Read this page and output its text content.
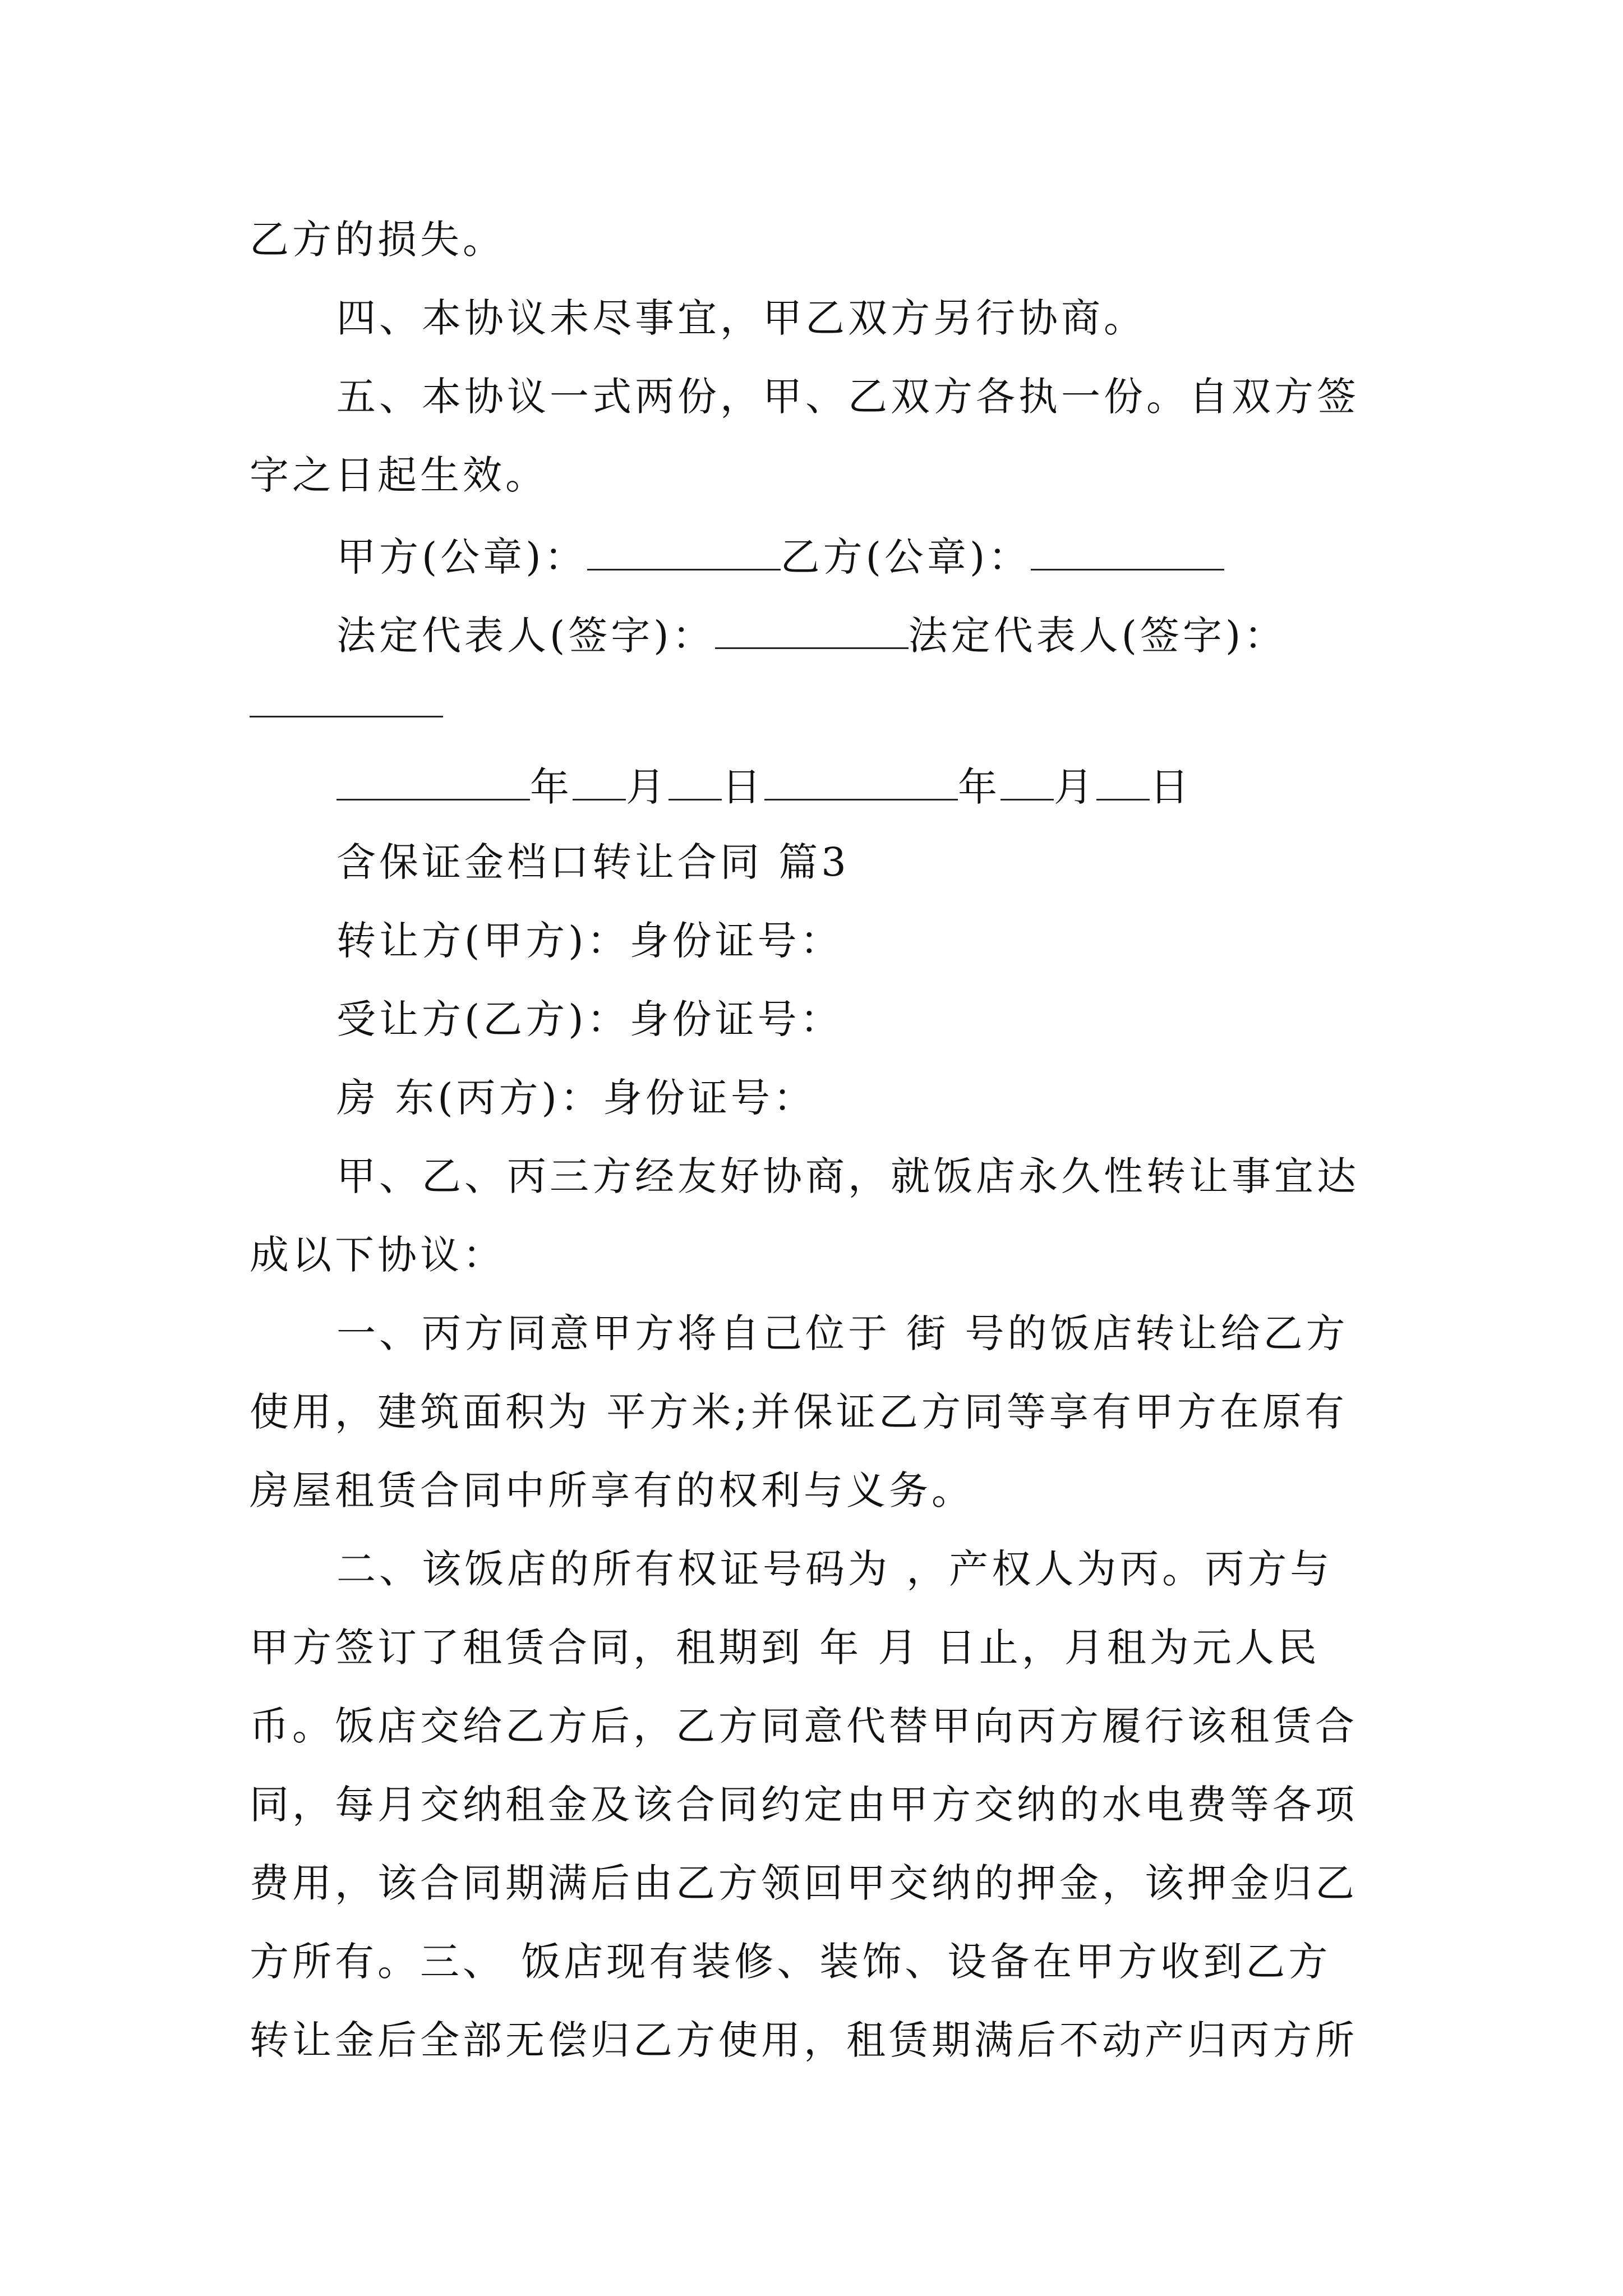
乙方的损失。
四、本协议未尽事宜，甲乙双方另行协商。
五、本协议一式两份，甲、乙双方各执一份。自双方签
字之日起生效。
甲方(公章)：	乙方(公章)：
法定代表人(签字)：	法定代表人(签字)：
年 月 日	年 月 日
含保证金档口转让合同 篇3
转让方(甲方)：身份证号：
受让方(乙方)：身份证号：
房 东(丙方)：身份证号：
甲、乙、丙三方经友好协商，就饭店永久性转让事宜达
成以下协议：
一、丙方同意甲方将自己位于 街 号的饭店转让给乙方
使用，建筑面积为 平方米;并保证乙方同等享有甲方在原有
房屋租赁合同中所享有的权利与义务。
二、该饭店的所有权证号码为 ，产权人为丙。丙方与
甲方签订了租赁合同，租期到 年 月 日止，月租为元人民
币。饭店交给乙方后，乙方同意代替甲向丙方履行该租赁合
同，每月交纳租金及该合同约定由甲方交纳的水电费等各项
费用，该合同期满后由乙方领回甲交纳的押金，该押金归乙
方所有。三、 饭店现有装修、装饰、设备在甲方收到乙方
转让金后全部无偿归乙方使用，租赁期满后不动产归丙方所
